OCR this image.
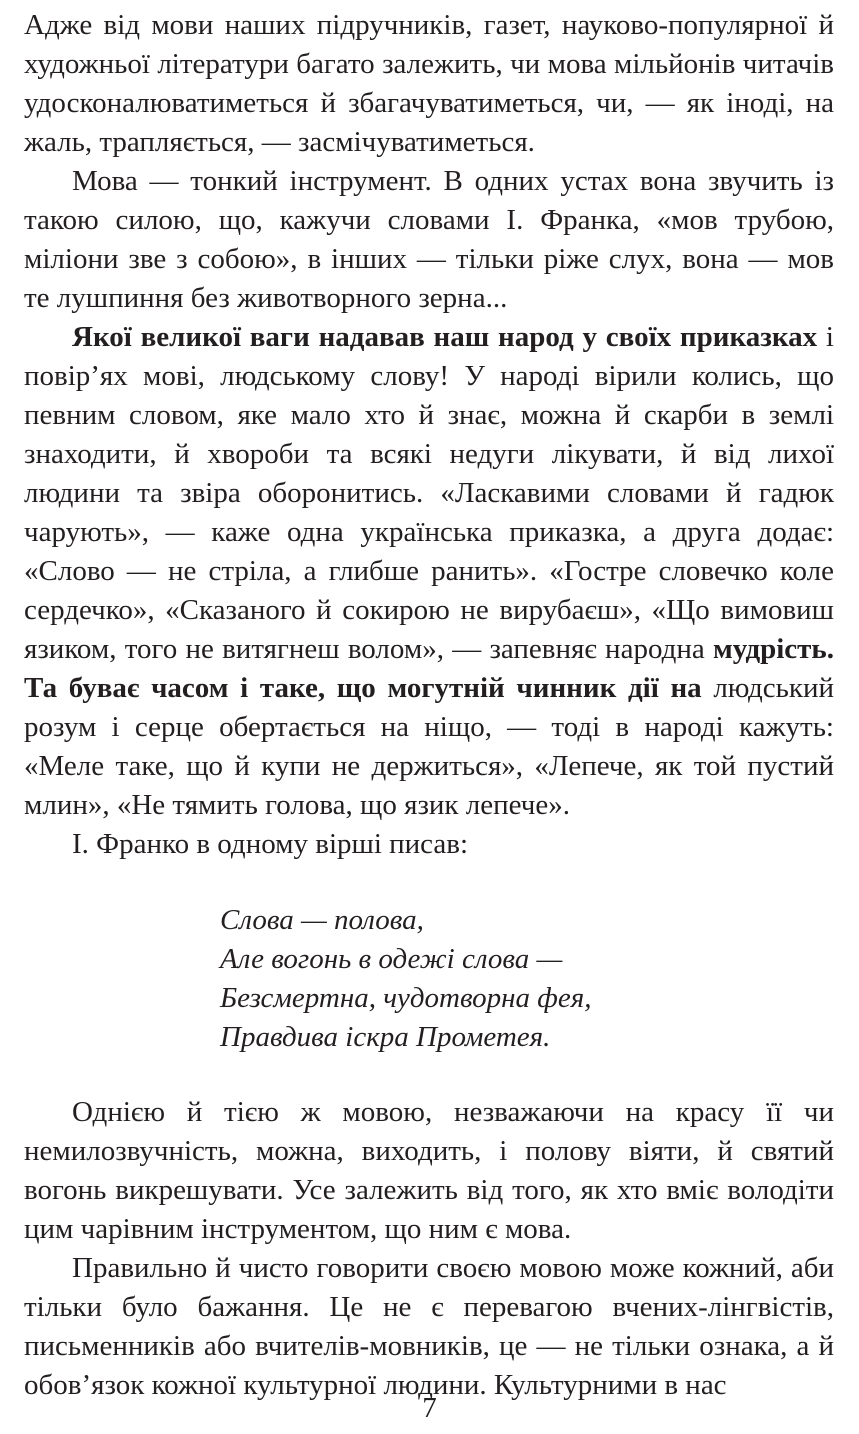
Адже від мови наших підручників, газет, науково-популярної й художньої літератури багато залежить, чи мова мільйонів читачів удосконалюватиметься й збагачуватиметься, чи, — як іноді, на жаль, трапляється, — засмічуватиметься.

Мова — тонкий інструмент. В одних устах вона звучить із такою силою, що, кажучи словами І. Франка, «мов трубою, міліони зве з собою», в інших — тільки ріже слух, вона — мов те лушпиння без животворного зерна...

Якої великої ваги надавав наш народ у своїх приказках і повір’ях мові, людському слову! У народі вірили колись, що певним словом, яке мало хто й знає, можна й скарби в землі знаходити, й хвороби та всякі недуги лікувати, й від лихої людини та звіра оборонитись. «Ласкавими словами й гадюк чарують», — каже одна українська приказка, а друга додає: «Слово — не стріла, а глибше ранить». «Гостре словечко коле сердечко», «Сказаного й сокирою не вирубаєш», «Що вимовиш язиком, того не витягнеш волом», — запевняє народна мудрість. Та буває часом і таке, що могутній чинник дії на людський розум і серце обертається на ніщо, — тоді в народі кажуть: «Меле таке, що й купи не держиться», «Лепече, як той пустий млин», «Не тямить голова, що язик лепече».

І. Франко в одному вірші писав:

Слова — полова,
Але вогонь в одежі слова —
Безсмертна, чудотворна фея,
Правдива іскра Прометея.

Однією й тією ж мовою, незважаючи на красу її чи немилозвучність, можна, виходить, і полову віяти, й святий вогонь викрешувати. Усе залежить від того, як хто вміє володіти цим чарівним інструментом, що ним є мова.

Правильно й чисто говорити своєю мовою може кожний, аби тільки було бажання. Це не є перевагою вчених-лінгвістів, письменників або вчителів-мовників, це — не тільки ознака, а й обов’язок кожної культурної людини. Культурними в нас

7
